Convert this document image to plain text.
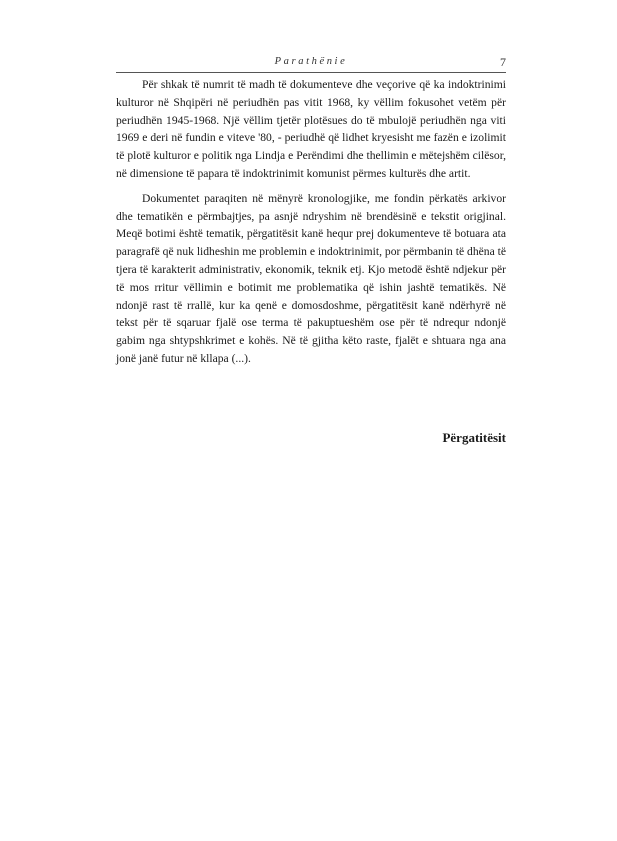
Parathënie	7

Për shkak të numrit të madh të dokumenteve dhe veçorive që ka indoktrinimi kulturor në Shqipëri në periudhën pas vitit 1968, ky vëllim fokusohet vetëm për periudhën 1945-1968. Një vëllim tjetër plotësues do të mbulojë periudhën nga viti 1969 e deri në fundin e viteve '80, - periudhë që lidhet kryesisht me fazën e izolimit të plotë kulturor e politik nga Lindja e Perëndimi dhe thellimin e mëtejshëm cilësor, në dimensione të papara të indoktrinimit komunist përmes kulturës dhe artit.

Dokumentet paraqiten në mënyrë kronologjike, me fondin përkatës arkivor dhe tematikën e përmbajtjes, pa asnjë ndryshim në brendësinë e tekstit origjinal. Meqë botimi është tematik, përgatitësit kanë hequr prej dokumenteve të botuara ata paragrafë që nuk lidheshin me problemin e indoktrinimit, por përmbanin të dhëna të tjera të karakterit administrativ, ekonomik, teknik etj. Kjo metodë është ndjekur për të mos rritur vëllimin e botimit me problematika që ishin jashtë tematikës. Në ndonjë rast të rrallë, kur ka qenë e domosdoshme, përgatitësit kanë ndërhyrë në tekst për të sqaruar fjalë ose terma të pakuptueshëm ose për të ndrequr ndonjë gabim nga shtypshkrimet e kohës. Në të gjitha këto raste, fjalët e shtuara nga ana jonë janë futur në kllapa (...).

Përgatitësit
